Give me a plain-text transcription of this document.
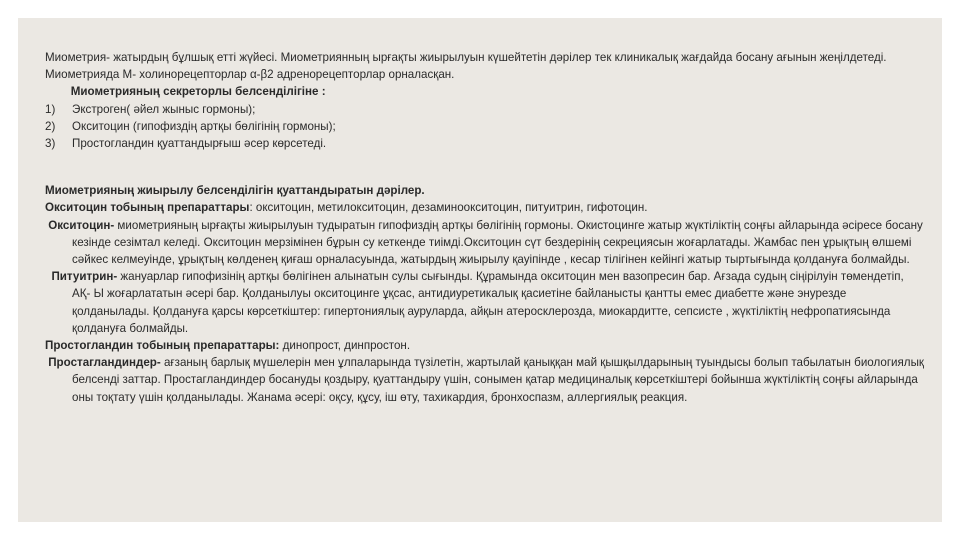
Миометрия- жатырдың бұлшық етті жүйесі. Миометриянның ырғақты жиырылуын күшейтетін дәрілер тек клиникалық жағдайда босану ағынын жеңілдетеді.

Миометрияда М- холинорецепторлар α-β2 адренорецепторлар орналасқан.

Миометрияның секреторлы белсенділігіне :

1) Экстроген( әйел жыныс гормоны);

2) Окситоцин (гипофиздің артқы бөлігінің гормоны);

3) Простогландин қуаттандырғыш әсер көрсетеді.

Миометрияның жиырылу белсенділігін қуаттандыратын дәрілер.

Окситоцин тобының препараттары: окситоцин, метилокситоцин, дезаминоокситоцин, питуитрин, гифотоцин.

Окситоцин- миометрияның ырғақты жиырылуын тудыратын гипофиздің артқы бөлігінің гормоны. Окистоцинге жатыр жүктіліктің соңғы айларында әсіресе босану кезінде сезімтал келеді. Окситоцин мерзімінен бұрын су кеткенде тиімді.Окситоцин сүт бездерінің секрециясын жоғарлатады. Жамбас пен ұрықтың өлшемі сәйкес келмеуінде, ұрықтың көлденең қиғаш орналасуында, жатырдың жиырылу қауіпінде , кесар тілігінен кейінгі жатыр тыртығында қолдануға болмайды.

Питуитрин- жануарлар гипофизінің артқы бөлігінен алынатын сулы сығынды. Құрамында окситоцин мен вазопресин бар. Ағзада судың сіңірілуін төмендетіп, АҚ- Ы жоғарлататын әсері бар. Қолданылуы окситоцинге ұқсас, антидиуретикалық қасиетіне байланысты қантты емес диабетте және энурезде қолданылады. Қолдануға қарсы көрсеткіштер: гипертониялық ауруларда, айқын атеросклерозда, миокардитте, сепсисте , жүктіліктің нефропатиясында қолдануға болмайды.

Простогландин тобының препараттары: динопрост, динпростон.

Простагландиндер- ағзаның барлық мүшелерін мен ұлпаларында түзілетін, жартылай қаныққан май қышқылдарының туындысы болып табылатын биологиялық белсенді заттар. Простагландиндер босануды қоздыру, қуаттандыру үшін, сонымен қатар медициналық көрсеткіштері бойынша жүктіліктің соңғы айларында оны тоқтату үшін қолданылады. Жанама әсері: оқсу, құсу, іш өту, тахикардия, бронхоспазм, аллергиялық реакция.
